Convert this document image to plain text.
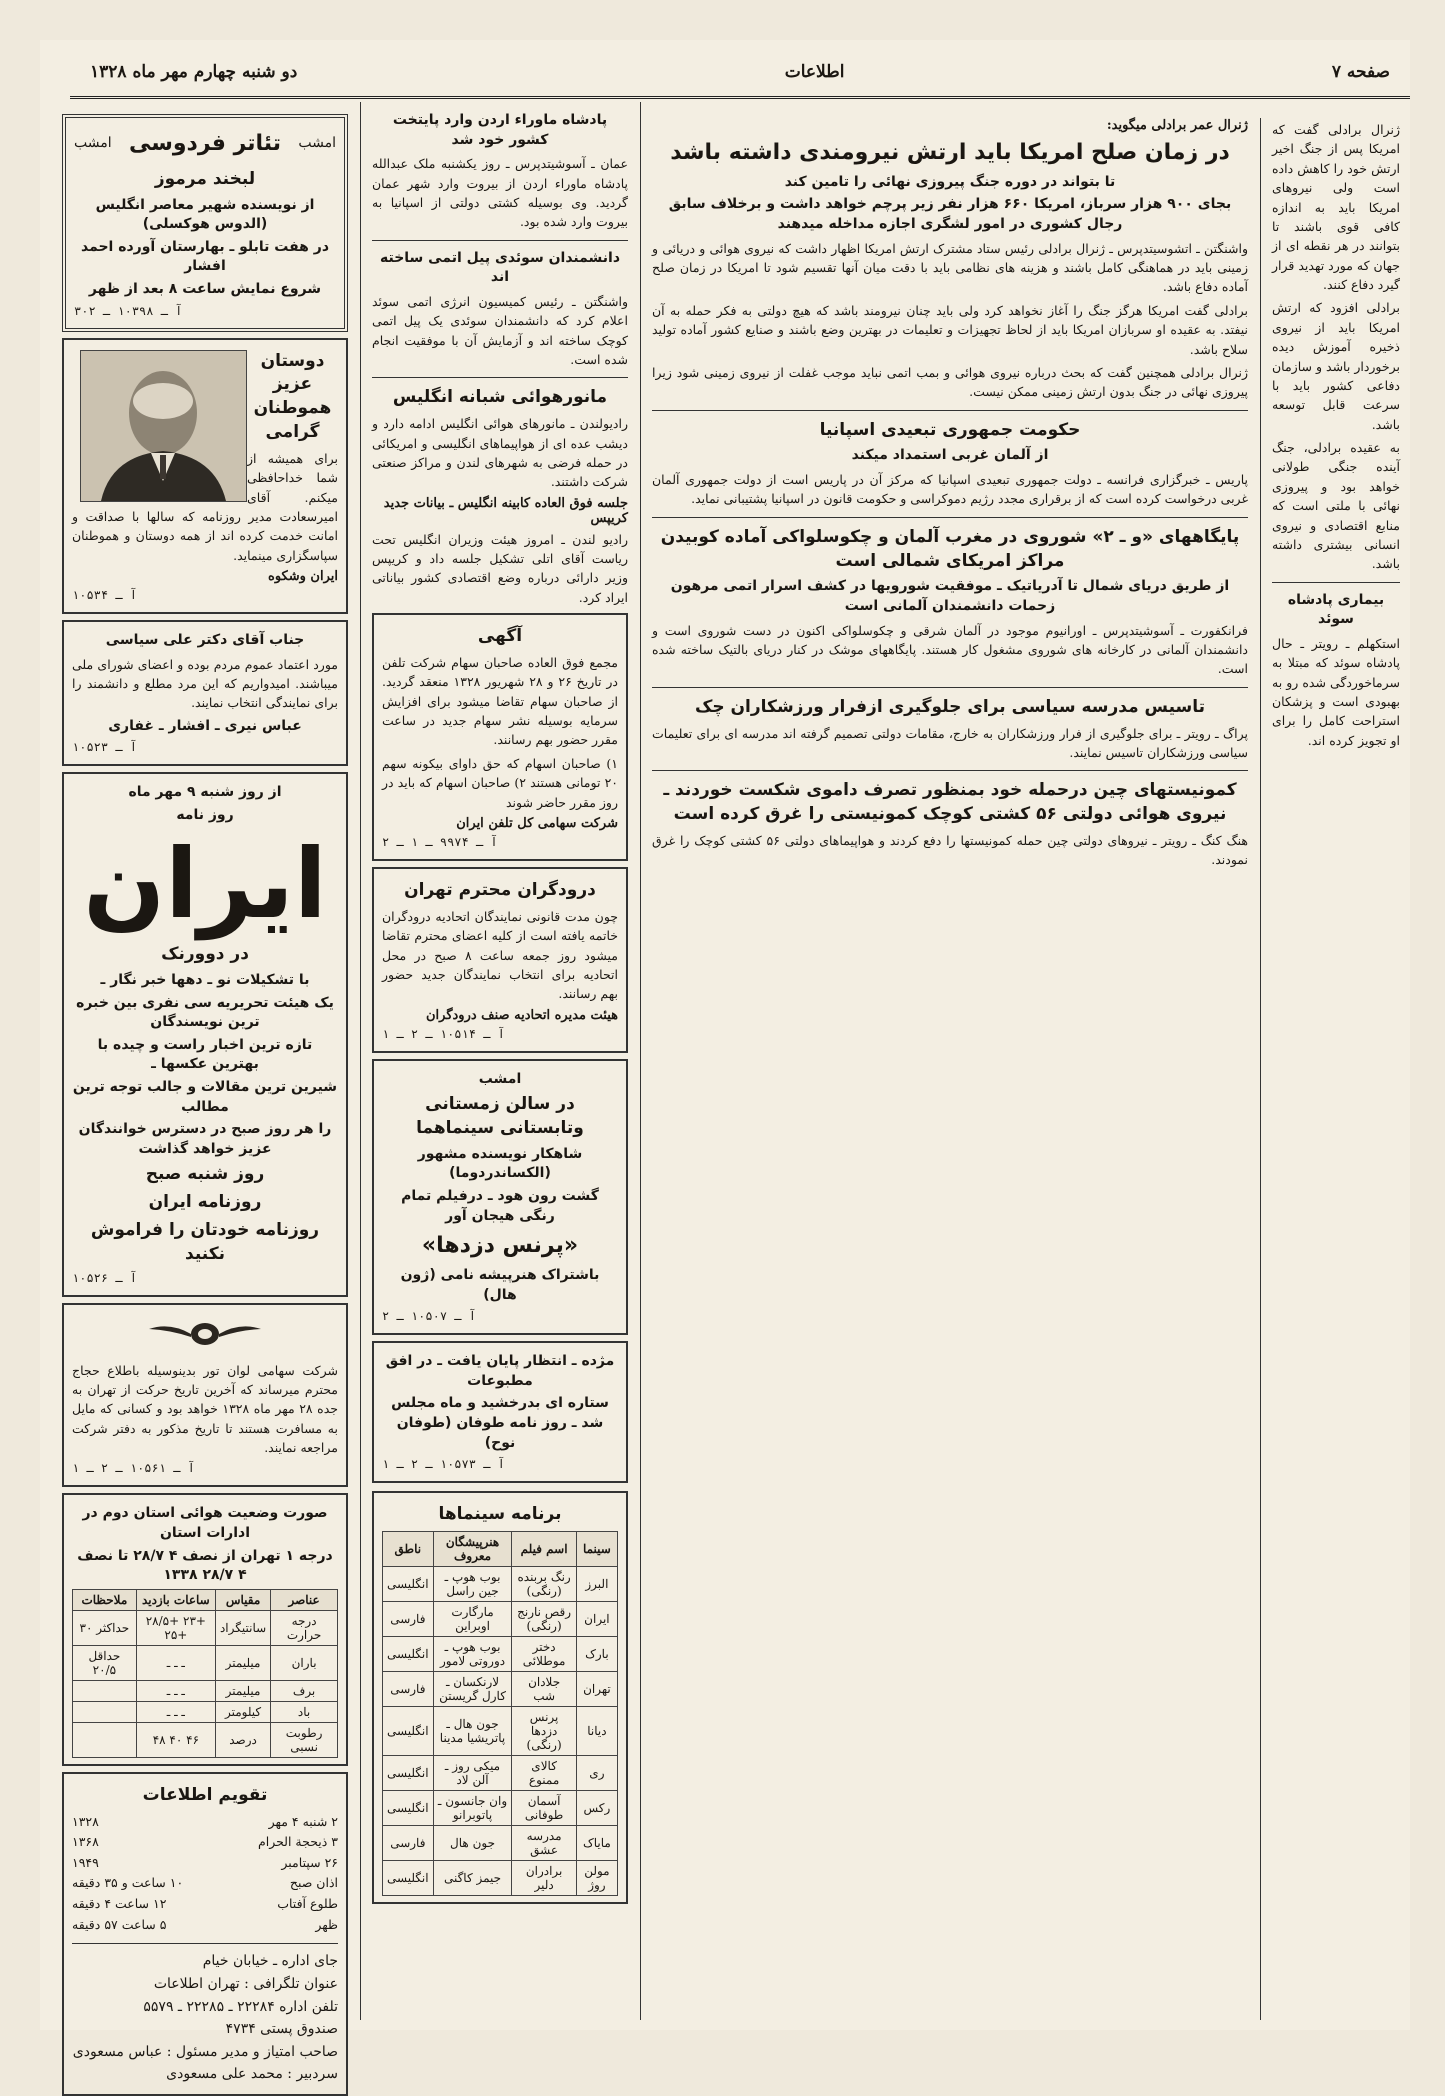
صفحه ۷
اطلاعات
دو شنبه چهارم مهر ماه ۱۳۲۸

ژنرال برادلی گفت که امریکا پس از جنگ اخیر ارتش خود را کاهش داده است ولی نیروهای امریکا باید به اندازه کافی قوی باشند تا بتوانند در هر نقطه ای از جهان که مورد تهدید قرار گیرد دفاع کنند.

برادلی افزود که ارتش امریکا باید از نیروی ذخیره آموزش دیده برخوردار باشد و سازمان دفاعی کشور باید با سرعت قابل توسعه باشد.

به عقیده برادلی، جنگ آینده جنگی طولانی خواهد بود و پیروزی نهائی با ملتی است که منابع اقتصادی و نیروی انسانی بیشتری داشته باشد.

بیماری پادشاه سوئد

استکهلم ـ رویتر ـ حال پادشاه سوئد که مبتلا به سرماخوردگی شده رو به بهبودی است و پزشکان استراحت کامل را برای او تجویز کرده اند.

ژنرال عمر برادلی میگوید:
در زمان صلح امریکا باید ارتش نیرومندی داشته باشد
تا بتواند در دوره جنگ پیروزی نهائی را تامین کند
بجای ۹۰۰ هزار سرباز، امریکا ۶۶۰ هزار نفر زیر پرچم خواهد داشت و برخلاف سابق رجال کشوری در امور لشگری اجازه مداخله میدهند

واشنگتن ـ اتشوسیتدپرس ـ ژنرال برادلی رئیس ستاد مشترک ارتش امریکا اظهار داشت که نیروی هوائی و دریائی و زمینی باید در هماهنگی کامل باشند و هزینه های نظامی باید با دقت میان آنها تقسیم شود تا امریکا در زمان صلح آماده دفاع باشد.

برادلی گفت امریکا هرگز جنگ را آغاز نخواهد کرد ولی باید چنان نیرومند باشد که هیچ دولتی به فکر حمله به آن نیفتد. به عقیده او سربازان امریکا باید از لحاظ تجهیزات و تعلیمات در بهترین وضع باشند و صنایع کشور آماده تولید سلاح باشد.

ژنرال برادلی همچنین گفت که بحث درباره نیروی هوائی و بمب اتمی نباید موجب غفلت از نیروی زمینی شود زیرا پیروزی نهائی در جنگ بدون ارتش زمینی ممکن نیست.

حکومت جمهوری تبعیدی اسپانیا
از آلمان غربی استمداد میکند

پاریس ـ خبرگزاری فرانسه ـ دولت جمهوری تبعیدی اسپانیا که مرکز آن در پاریس است از دولت جمهوری آلمان غربی درخواست کرده است که از برقراری مجدد رژیم دموکراسی و حکومت قانون در اسپانیا پشتیبانی نماید.

پایگاههای «و ـ ۲» شوروی در مغرب آلمان و چکوسلواکی آماده کوبیدن مراکز امریکای شمالی است
از طریق دریای شمال تا آدریاتیک ـ موفقیت شورویها در کشف اسرار اتمی مرهون زحمات دانشمندان آلمانی است

فرانکفورت ـ آسوشیتدپرس ـ اورانیوم موجود در آلمان شرقی و چکوسلواکی اکنون در دست شوروی است و دانشمندان آلمانی در کارخانه های شوروی مشغول کار هستند. پایگاههای موشک در کنار دریای بالتیک ساخته شده است.

تاسیس مدرسه سیاسی برای جلوگیری ازفرار ورزشکاران چک

پراگ ـ رویتر ـ برای جلوگیری از فرار ورزشکاران به خارج، مقامات دولتی تصمیم گرفته اند مدرسه ای برای تعلیمات سیاسی ورزشکاران تاسیس نمایند.

کمونیستهای چین درحمله خود بمنظور تصرف داموی شکست خوردند ـ نیروی هوائی دولتی ۵۶ کشتی کوچک کمونیستی را غرق کرده است

هنگ کنگ ـ رویتر ـ نیروهای دولتی چین حمله کمونیستها را دفع کردند و هواپیماهای دولتی ۵۶ کشتی کوچک را غرق نمودند.

پادشاه ماوراء اردن وارد پایتخت کشور خود شد

عمان ـ آسوشیتدپرس ـ روز یکشنبه ملک عبدالله پادشاه ماوراء اردن از بیروت وارد شهر عمان گردید. وی بوسیله کشتی دولتی از اسپانیا به بیروت وارد شده بود.

دانشمندان سوئدی پیل اتمی ساخته اند

واشنگتن ـ رئیس کمیسیون انرژی اتمی سوئد اعلام کرد که دانشمندان سوئدی یک پیل اتمی کوچک ساخته اند و آزمایش آن با موفقیت انجام شده است.

مانورهوائی شبانه انگلیس

رادیولندن ـ مانورهای هوائی انگلیس ادامه دارد و دیشب عده ای از هواپیماهای انگلیسی و امریکائی در حمله فرضی به شهرهای لندن و مراکز صنعتی شرکت داشتند.

جلسه فوق العاده کابینه انگلیس ـ بیانات جدید کریپس

رادیو لندن ـ امروز هیئت وزیران انگلیس تحت ریاست آقای اتلی تشکیل جلسه داد و کریپس وزیر دارائی درباره وضع اقتصادی کشور بیاناتی ایراد کرد.

آگهی

مجمع فوق العاده صاحبان سهام شرکت تلفن در تاریخ ۲۶ و ۲۸ شهریور ۱۳۲۸ منعقد گردید. از صاحبان سهام تقاضا میشود برای افزایش سرمایه بوسیله نشر سهام جدید در ساعت مقرر حضور بهم رسانند.

۱) صاحبان اسهام که حق داوای بیکونه سهم ۲۰ تومانی هستند ۲) صاحبان اسهام که باید در روز مقرر حاضر شوند

شرکت سهامی کل تلفن ایران
آ ـ ۹۹۷۴ ـ ۱ ـ ۲
درودگران محترم تهران

چون مدت قانونی نمایندگان اتحادیه درودگران خاتمه یافته است از کلیه اعضای محترم تقاضا میشود روز جمعه ساعت ۸ صبح در محل اتحادیه برای انتخاب نمایندگان جدید حضور بهم رسانند.

هیئت مدیره اتحادیه صنف درودگران
آ ـ ۱۰۵۱۴ ـ ۲ ـ ۱
امشب
در سالن زمستانی وتابستانی سینماهما
شاهکار نویسنده مشهور (الکساندردوما)
گشت رون هود ـ درفیلم تمام رنگی هیجان آور
«پرنس دزدها»
باشتراک هنرپیشه نامی (ژون هال)
آ ـ ۱۰۵۰۷ ـ ۲
مژده ـ انتظار پایان یافت ـ در افق مطبوعات
ستاره ای بدرخشید و ماه مجلس شد ـ روز نامه طوفان (طوفان نوح)
آ ـ ۱۰۵۷۳ ـ ۲ ـ ۱
برنامه سینماها
سینما	اسم فیلم	هنرپیشگان معروف	ناطق
البرز	رنگ بربنده (رنگی)	بوب هوپ ـ جین راسل	انگلیسی
ایران	رقص نارنج (رنگی)	مارگارت اوبراین	فارسی
بارک	دختر موطلائی	بوب هوپ ـ دوروتی لامور	انگلیسی
تهران	جلادان شب	لارنکسان ـ کارل گریستن	فارسی
دیانا	پرنس دزدها (رنگی)	جون هال ـ پاتریشیا مدینا	انگلیسی
ری	کالای ممنوع	میکی روز ـ آلن لاد	انگلیسی
رکس	آسمان طوفانی	وان جانسون ـ پاتوبرانو	انگلیسی
مایاک	مدرسه عشق	جون هال	فارسی
مولن روژ	برادران دلیر	جیمز کاگنی	انگلیسی
امشب
تئاتر فردوسی
امشب
لبخند مرموز
از نویسنده شهیر معاصر انگلیس (الدوس هوکسلی)
در هفت تابلو ـ بهارستان آورده احمد افشار
شروع نمایش ساعت ۸ بعد از ظهر
آ ـ ۱۰۳۹۸ ـ ۳۰۲
دوستان عزیز هموطنان گرامی

برای همیشه از شما خداحافظی میکنم. آقای امیرسعادت مدیر روزنامه که سالها با صداقت و امانت خدمت کرده اند از همه دوستان و هموطنان سپاسگزاری مینماید.

ایران وشکوه
آ ـ ۱۰۵۳۴
جناب آقای دکتر علی سیاسی

مورد اعتماد عموم مردم بوده و اعضای شورای ملی میباشند. امیدواریم که این مرد مطلع و دانشمند را برای نمایندگی انتخاب نمایند.

عباس نیری ـ افشار ـ غفاری
آ ـ ۱۰۵۲۳
از روز شنبه ۹ مهر ماه
روز نامه
ایران
در دوورنک
با تشکیلات نو ـ دهها خبر نگار ـ
یک هیئت تحریریه سی نفری بین خبره ترین نویسندگان
تازه ترین اخبار راست و چیده با بهترین عکسها ـ
شیرین ترین مقالات و جالب توجه ترین مطالب
را هر روز صبح در دسترس خوانندگان عزیز خواهد گذاشت
روز شنبه صبح
روزنامه ایران
روزنامه خودتان را فراموش نکنید
آ ـ ۱۰۵۲۶

شرکت سهامی لوان تور بدینوسیله باطلاع حجاج محترم میرساند که آخرین تاریخ حرکت از تهران به جده ۲۸ مهر ماه ۱۳۲۸ خواهد بود و کسانی که مایل به مسافرت هستند تا تاریخ مذکور به دفتر شرکت مراجعه نمایند.

آ ـ ۱۰۵۶۱ ـ ۲ ـ ۱
صورت وضعیت هوائی استان دوم در ادارات استان
درجه ۱ تهران از نصف ۴ ۲۸/۷ تا نصف ۴ ۲۸/۷ ۱۳۳۸
عناصر	مقیاس	ساعات بازدید	ملاحظات
درجه حرارت	سانتیگراد	+۲۳ +۲۸/۵ +۲۵	حداکثر ۳۰
باران	میلیمتر	ـ ـ ـ	حداقل ۲۰/۵
برف	میلیمتر	ـ ـ ـ	
باد	کیلومتر	ـ ـ ـ	
رطوبت نسبی	درصد	۴۶ ۴۰ ۴۸	
تقویم اطلاعات
۲ شنبه ۴ مهر
۱۳۲۸
۳ ذیحجة الحرام
۱۳۶۸
۲۶ سپتامبر
۱۹۴۹
اذان صبح
۱۰ ساعت و ۳۵ دقیقه
طلوع آفتاب
۱۲ ساعت ۴ دقیقه
ظهر
۵ ساعت ۵۷ دقیقه
جای اداره ـ خیابان خیام
عنوان تلگرافی : تهران اطلاعات
تلفن اداره ۲۲۲۸۴ ـ ۲۲۲۸۵ ـ ۵۵۷۹
صندوق پستی ۴۷۳۴
صاحب امتیاز و مدیر مسئول : عباس مسعودی
سردبیر : محمد علی مسعودی
